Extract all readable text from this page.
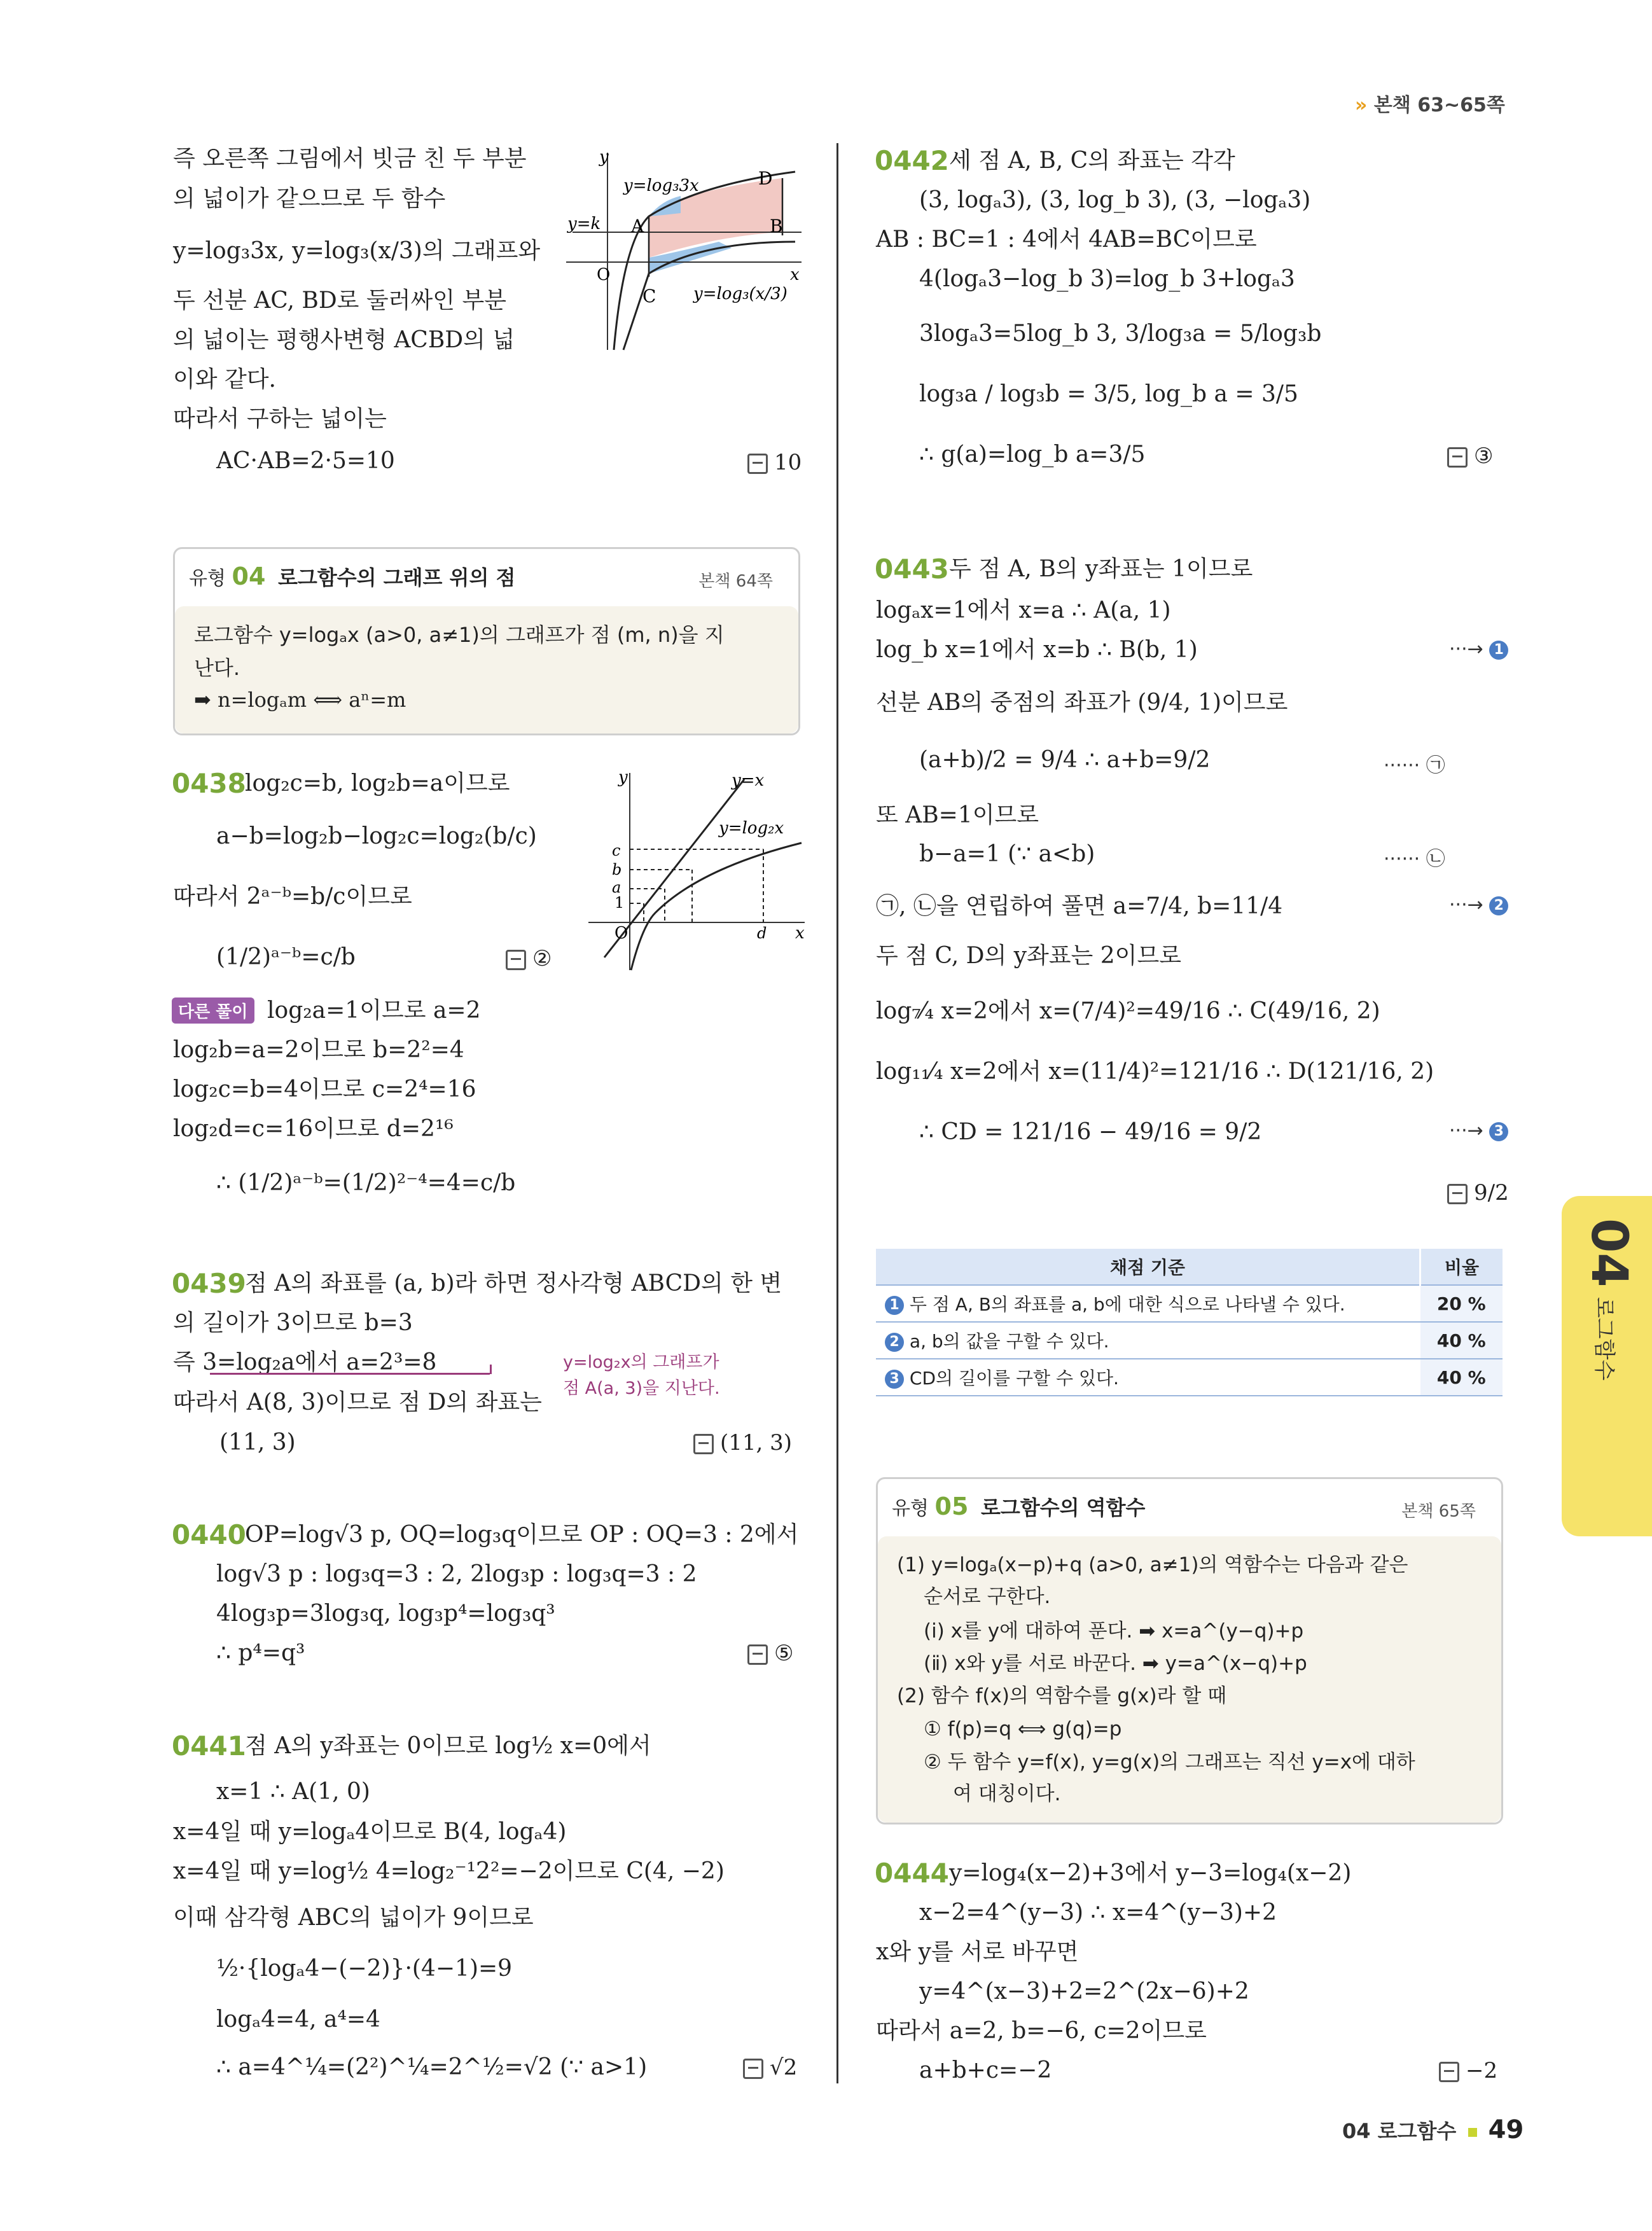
» 본책 63~65쪽
즉 오른쪽 그림에서 빗금 친 두 부분
의 넓이가 같으므로 두 함수
y=log₃3x, y=log₃(x/3)의 그래프와
두 선분 AC, BD로 둘러싸인 부분
의 넓이는 평행사변형 ACBD의 넓
이와 같다.
따라서 구하는 넓이는
AC·AB=2·5=10	10
y=log₃3x
y=log₃(x/3)
y=k A	B
C
D
O	x
y
유형 04 로그함수의 그래프 위의 점	본책 64쪽
로그함수 y=logₐx (a>0, a≠1)의 그래프가 점 (m, n)을 지
난다.
➡ n=logₐm ⟺ aⁿ=m
0438
log₂c=b, log₂b=a이므로
a−b=log₂b−log₂c=log₂(b/c)
따라서 2ᵃ⁻ᵇ=b/c이므로
(1/2)ᵃ⁻ᵇ=c/b	②
y=x
y=log₂x
c
b
a
1
O	x
y
d
다른 풀이 log₂a=1이므로 a=2
log₂b=a=2이므로 b=2²=4
log₂c=b=4이므로 c=2⁴=16
log₂d=c=16이므로 d=2¹⁶
∴ (1/2)ᵃ⁻ᵇ=(1/2)²⁻⁴=4=c/b
0439
점 A의 좌표를 (a, b)라 하면 정사각형 ABCD의 한 변
의 길이가 3이므로 b=3
즉 3=log₂a에서 a=2³=8	y=log₂x의 그래프가
점 A(a, 3)을 지난다.
따라서 A(8, 3)이므로 점 D의 좌표는
(11, 3)	(11, 3)
0440
OP=log√3 p, OQ=log₃q이므로 OP : OQ=3 : 2에서
log√3 p : log₃q=3 : 2, 2log₃p : log₃q=3 : 2
4log₃p=3log₃q, log₃p⁴=log₃q³
∴ p⁴=q³	⑤
0441
점 A의 y좌표는 0이므로 log½ x=0에서
x=1 ∴ A(1, 0)
x=4일 때 y=logₐ4이므로 B(4, logₐ4)
x=4일 때 y=log½ 4=log₂⁻¹2²=−2이므로 C(4, −2)
이때 삼각형 ABC의 넓이가 9이므로
½·{logₐ4−(−2)}·(4−1)=9
logₐ4=4, a⁴=4
∴ a=4^¼=(2²)^¼=2^½=√2 (∵ a>1)	√2
0442 세 점 A, B, C의 좌표는 각각
(3, logₐ3), (3, log_b 3), (3, −logₐ3)
AB : BC=1 : 4에서 4AB=BC이므로
4(logₐ3−log_b 3)=log_b 3+logₐ3
3logₐ3=5log_b 3, 3/log₃a = 5/log₃b
log₃a / log₃b = 3/5, log_b a = 3/5
∴ g(a)=log_b a=3/5	③
0443 두 점 A, B의 y좌표는 1이므로
logₐx=1에서 x=a ∴ A(a, 1)
log_b x=1에서 x=b ∴ B(b, 1)	···→ 1
선분 AB의 중점의 좌표가 (9/4, 1)이므로
(a+b)/2 = 9/4 ∴ a+b=9/2	······ ㉠
또 AB=1이므로
b−a=1 (∵ a<b)	······ ㉡
㉠, ㉡을 연립하여 풀면 a=7/4, b=11/4	···→ 2
두 점 C, D의 y좌표는 2이므로
log₇⁄₄ x=2에서 x=(7/4)²=49/16 ∴ C(49/16, 2)
log₁₁⁄₄ x=2에서 x=(11/4)²=121/16 ∴ D(121/16, 2)
∴ CD = 121/16 − 49/16 = 9/2	···→ 3
9/2
채점 기준	비율
1 두 점 A, B의 좌표를 a, b에 대한 식으로 나타낼 수 있다.	20 %
2 a, b의 값을 구할 수 있다.	40 %
3 CD의 길이를 구할 수 있다.	40 %
유형 05 로그함수의 역함수	본책 65쪽
(1) y=logₐ(x−p)+q (a>0, a≠1)의 역함수는 다음과 같은
순서로 구한다.
(ⅰ) x를 y에 대하여 푼다. ➡ x=a^(y−q)+p
(ⅱ) x와 y를 서로 바꾼다. ➡ y=a^(x−q)+p
(2) 함수 f(x)의 역함수를 g(x)라 할 때
① f(p)=q ⟺ g(q)=p
② 두 함수 y=f(x), y=g(x)의 그래프는 직선 y=x에 대하
여 대칭이다.
0444 y=log₄(x−2)+3에서 y−3=log₄(x−2)
x−2=4^(y−3) ∴ x=4^(y−3)+2
x와 y를 서로 바꾸면
y=4^(x−3)+2=2^(2x−6)+2
따라서 a=2, b=−6, c=2이므로
a+b+c=−2	−2
04
로그함수
04 로그함수 49
